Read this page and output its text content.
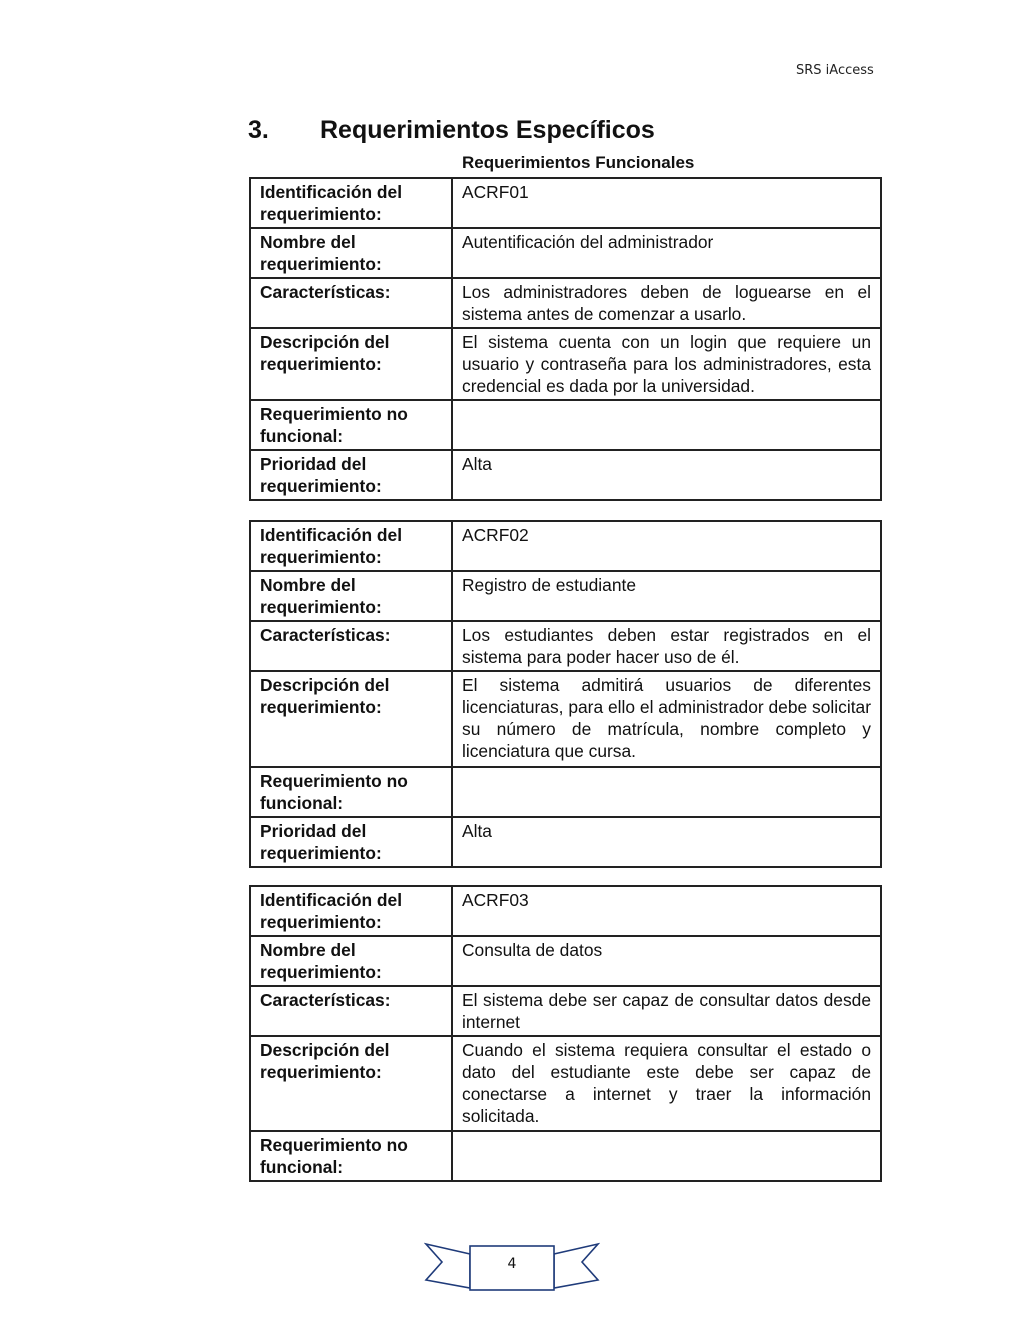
SRS iAccess
3. Requerimientos Específicos
Requerimientos Funcionales
Identificación del requerimiento:	ACRF01
Nombre del requerimiento:	Autentificación del administrador
Características:	Los administradores deben de loguearse en el sistema antes de comenzar a usarlo.
Descripción del requerimiento:	El sistema cuenta con un login que requiere un usuario y contraseña para los administradores, esta credencial es dada por la universidad.
Requerimiento no funcional:	
Prioridad del requerimiento:	Alta
Identificación del requerimiento:	ACRF02
Nombre del requerimiento:	Registro de estudiante
Características:	Los estudiantes deben estar registrados en el sistema para poder hacer uso de él.
Descripción del requerimiento:	El sistema admitirá usuarios de diferentes licenciaturas, para ello el administrador debe solicitar su número de matrícula, nombre completo y licenciatura que cursa.
Requerimiento no funcional:	
Prioridad del requerimiento:	Alta
Identificación del requerimiento:	ACRF03
Nombre del requerimiento:	Consulta de datos
Características:	El sistema debe ser capaz de consultar datos desde internet
Descripción del requerimiento:	Cuando el sistema requiera consultar el estado o dato del estudiante este debe ser capaz de conectarse a internet y traer la información solicitada.
Requerimiento no funcional:	
4
